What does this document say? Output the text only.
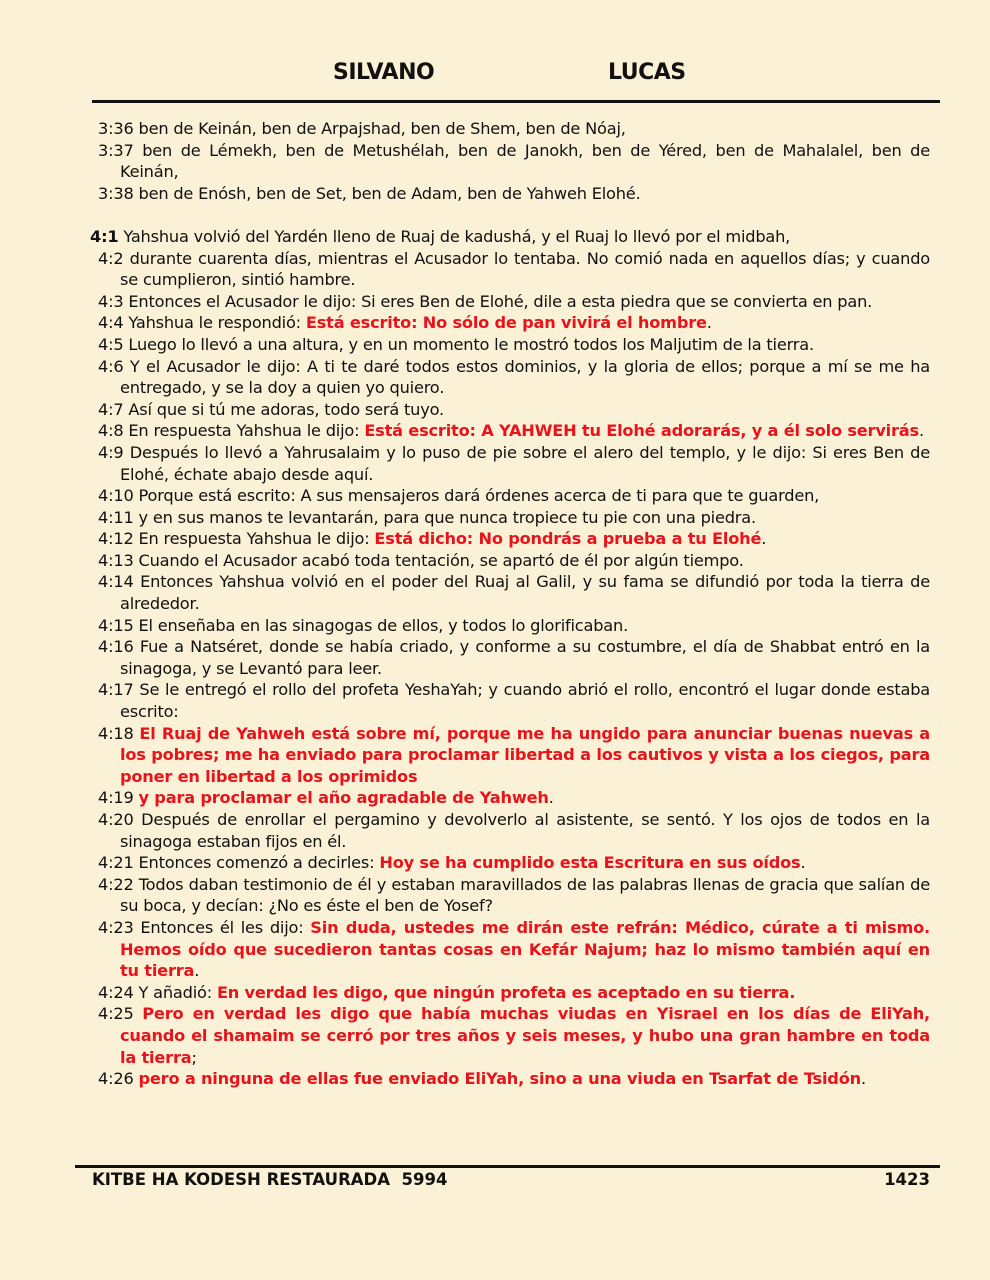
SILVANO	LUCAS
3:36 ben de Keinán, ben de Arpajshad, ben de Shem, ben de Nóaj,
3:37 ben de Lémekh, ben de Metushélah, ben de Janokh, ben de Yéred, ben de Mahalalel, ben de Keinán,
3:38 ben de Enósh, ben de Set, ben de Adam, ben de Yahweh Elohé.
4:1 Yahshua volvió del Yardén lleno de Ruaj de kadushá, y el Ruaj lo llevó por el midbah,
4:2 durante cuarenta días, mientras el Acusador lo tentaba. No comió nada en aquellos días; y cuando se cumplieron, sintió hambre.
4:3 Entonces el Acusador le dijo: Si eres Ben de Elohé, dile a esta piedra que se convierta en pan.
4:4 Yahshua le respondió: Está escrito: No sólo de pan vivirá el hombre.
4:5 Luego lo llevó a una altura, y en un momento le mostró todos los Maljutim de la tierra.
4:6 Y el Acusador le dijo: A ti te daré todos estos dominios, y la gloria de ellos; porque a mí se me ha entregado, y se la doy a quien yo quiero.
4:7 Así que si tú me adoras, todo será tuyo.
4:8 En respuesta Yahshua le dijo: Está escrito: A YAHWEH tu Elohé adorarás, y a él solo servirás.
4:9 Después lo llevó a Yahrusalaim y lo puso de pie sobre el alero del templo, y le dijo: Si eres Ben de Elohé, échate abajo desde aquí.
4:10 Porque está escrito: A sus mensajeros dará órdenes acerca de ti para que te guarden,
4:11 y en sus manos te levantarán, para que nunca tropiece tu pie con una piedra.
4:12 En respuesta Yahshua le dijo: Está dicho: No pondrás a prueba a tu Elohé.
4:13 Cuando el Acusador acabó toda tentación, se apartó de él por algún tiempo.
4:14 Entonces Yahshua volvió en el poder del Ruaj al Galil, y su fama se difundió por toda la tierra de alrededor.
4:15 El enseñaba en las sinagogas de ellos, y todos lo glorificaban.
4:16 Fue a Natséret, donde se había criado, y conforme a su costumbre, el día de Shabbat entró en la sinagoga, y se Levantó para leer.
4:17 Se le entregó el rollo del profeta YeshaYah; y cuando abrió el rollo, encontró el lugar donde estaba escrito:
4:18 El Ruaj de Yahweh está sobre mí, porque me ha ungido para anunciar buenas nuevas a los pobres; me ha enviado para proclamar libertad a los cautivos y vista a los ciegos, para poner en libertad a los oprimidos
4:19 y para proclamar el año agradable de Yahweh.
4:20 Después de enrollar el pergamino y devolverlo al asistente, se sentó. Y los ojos de todos en la sinagoga estaban fijos en él.
4:21 Entonces comenzó a decirles: Hoy se ha cumplido esta Escritura en sus oídos.
4:22 Todos daban testimonio de él y estaban maravillados de las palabras llenas de gracia que salían de su boca, y decían: ¿No es éste el ben de Yosef?
4:23 Entonces él les dijo: Sin duda, ustedes me dirán este refrán: Médico, cúrate a ti mismo. Hemos oído que sucedieron tantas cosas en Kefár Najum; haz lo mismo también aquí en tu tierra.
4:24 Y añadió: En verdad les digo, que ningún profeta es aceptado en su tierra.
4:25 Pero en verdad les digo que había muchas viudas en Yisrael en los días de EliYah, cuando el shamaim se cerró por tres años y seis meses, y hubo una gran hambre en toda la tierra;
4:26 pero a ninguna de ellas fue enviado EliYah, sino a una viuda en Tsarfat de Tsidón.
KITBE HA KODESH RESTAURADA  5994	1423
